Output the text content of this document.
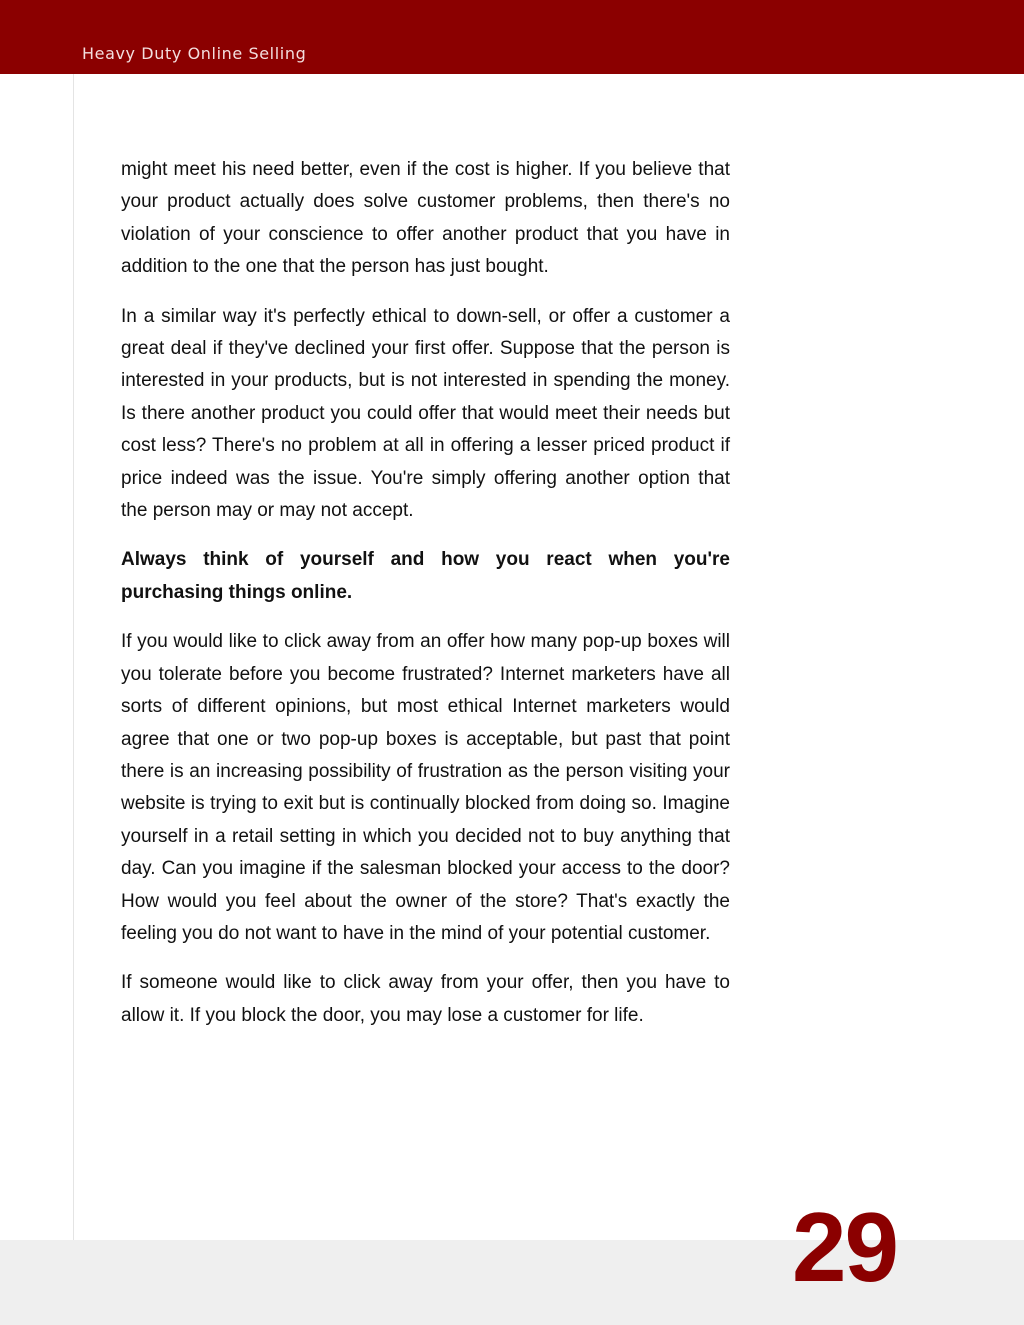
Heavy Duty Online Selling

might meet his need better, even if the cost is higher. If you believe that your product actually does solve customer problems, then there's no violation of your conscience to offer another product that you have in addition to the one that the person has just bought.

In a similar way it's perfectly ethical to down-sell, or offer a customer a great deal if they've declined your first offer. Suppose that the person is interested in your products, but is not interested in spending the money. Is there another product you could offer that would meet their needs but cost less? There's no problem at all in offering a lesser priced product if price indeed was the issue. You're simply offering another option that the person may or may not accept.

Always think of yourself and how you react when you're purchasing things online.

If you would like to click away from an offer how many pop-up boxes will you tolerate before you become frustrated? Internet marketers have all sorts of different opinions, but most ethical Internet marketers would agree that one or two pop-up boxes is acceptable, but past that point there is an increasing possibility of frustration as the person visiting your website is trying to exit but is continually blocked from doing so. Imagine yourself in a retail setting in which you decided not to buy anything that day. Can you imagine if the salesman blocked your access to the door? How would you feel about the owner of the store? That's exactly the feeling you do not want to have in the mind of your potential customer.

If someone would like to click away from your offer, then you have to allow it. If you block the door, you may lose a customer for life.

29
